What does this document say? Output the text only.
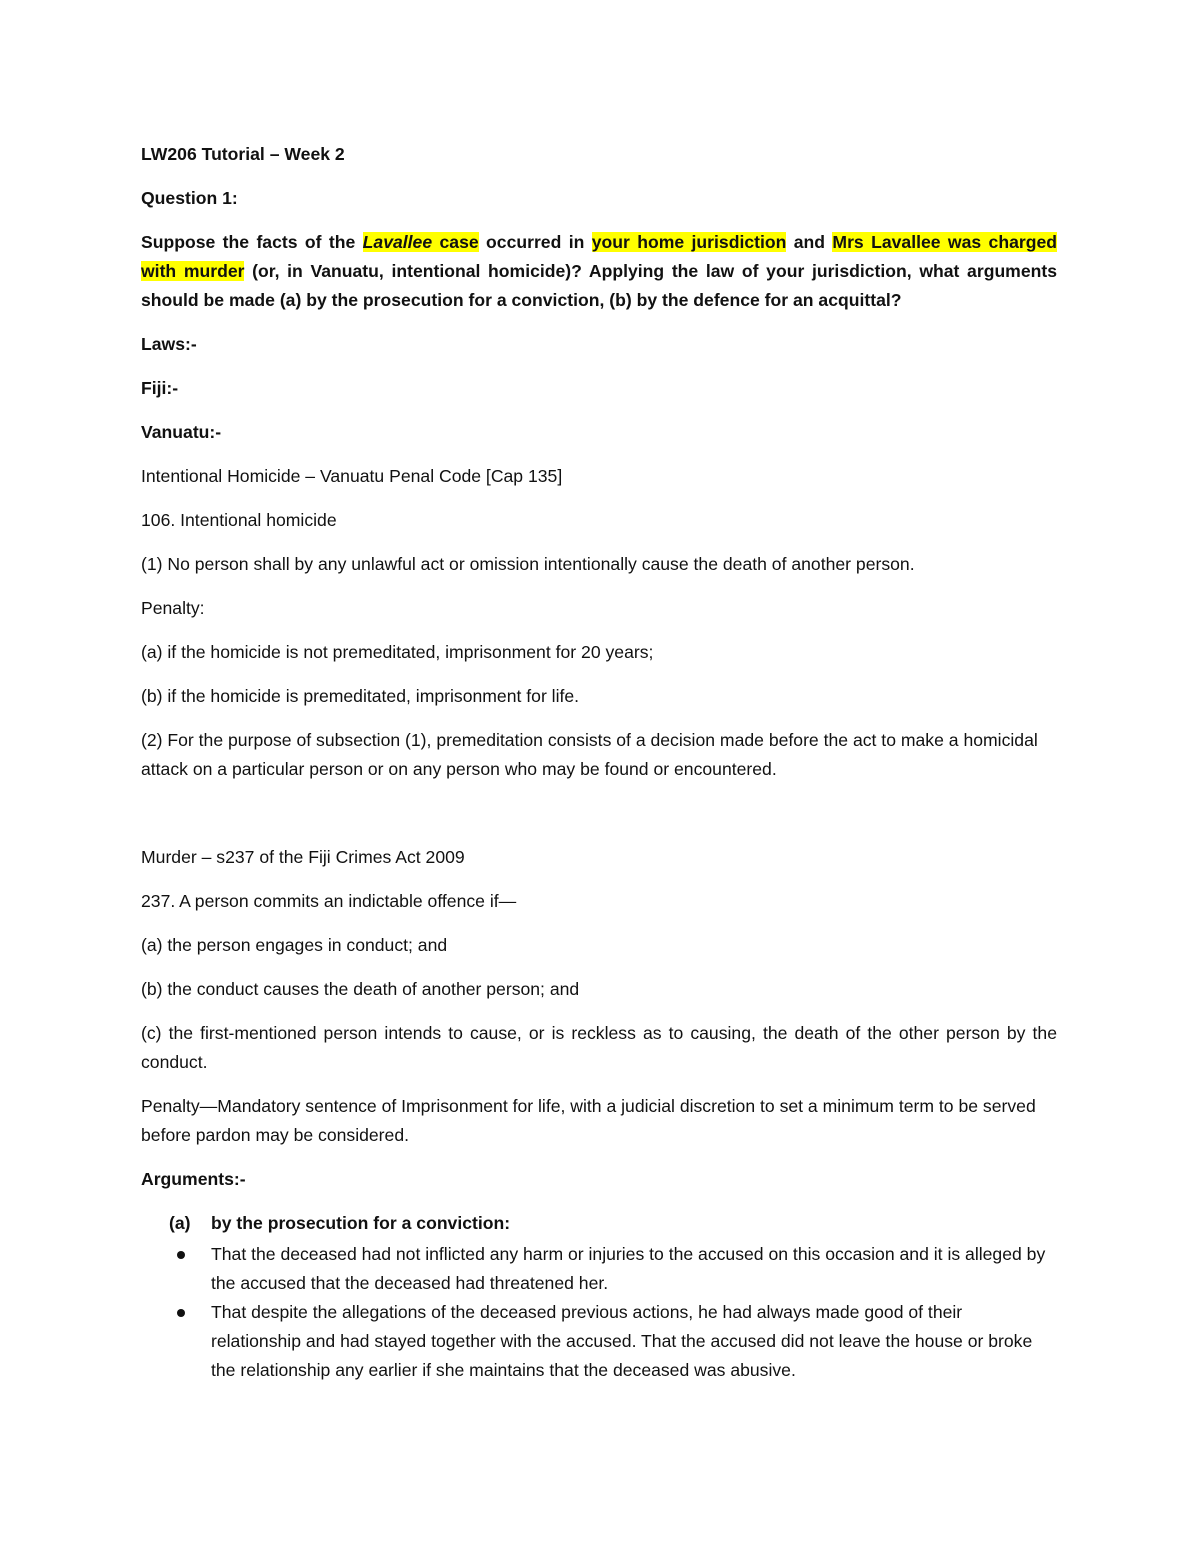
LW206 Tutorial – Week 2

Question 1:

Suppose the facts of the Lavallee case occurred in your home jurisdiction and Mrs Lavallee was charged with murder (or, in Vanuatu, intentional homicide)? Applying the law of your jurisdiction, what arguments should be made (a) by the prosecution for a conviction, (b) by the defence for an acquittal?

Laws:-

Fiji:-

Vanuatu:-

Intentional Homicide – Vanuatu Penal Code [Cap 135]

106. Intentional homicide

(1) No person shall by any unlawful act or omission intentionally cause the death of another person.

Penalty:

(a) if the homicide is not premeditated, imprisonment for 20 years;

(b) if the homicide is premeditated, imprisonment for life.

(2) For the purpose of subsection (1), premeditation consists of a decision made before the act to make a homicidal attack on a particular person or on any person who may be found or encountered.

Murder – s237 of the Fiji Crimes Act 2009

237. A person commits an indictable offence if—

(a) the person engages in conduct; and

(b) the conduct causes the death of another person; and

(c) the first-mentioned person intends to cause, or is reckless as to causing, the death of the other person by the conduct.

Penalty—Mandatory sentence of Imprisonment for life, with a judicial discretion to set a minimum term to be served before pardon may be considered.

Arguments:-

(a)	by the prosecution for a conviction:
That the deceased had not inflicted any harm or injuries to the accused on this occasion and it is alleged by the accused that the deceased had threatened her.
That despite the allegations of the deceased previous actions, he had always made good of their relationship and had stayed together with the accused. That the accused did not leave the house or broke the relationship any earlier if she maintains that the deceased was abusive.
